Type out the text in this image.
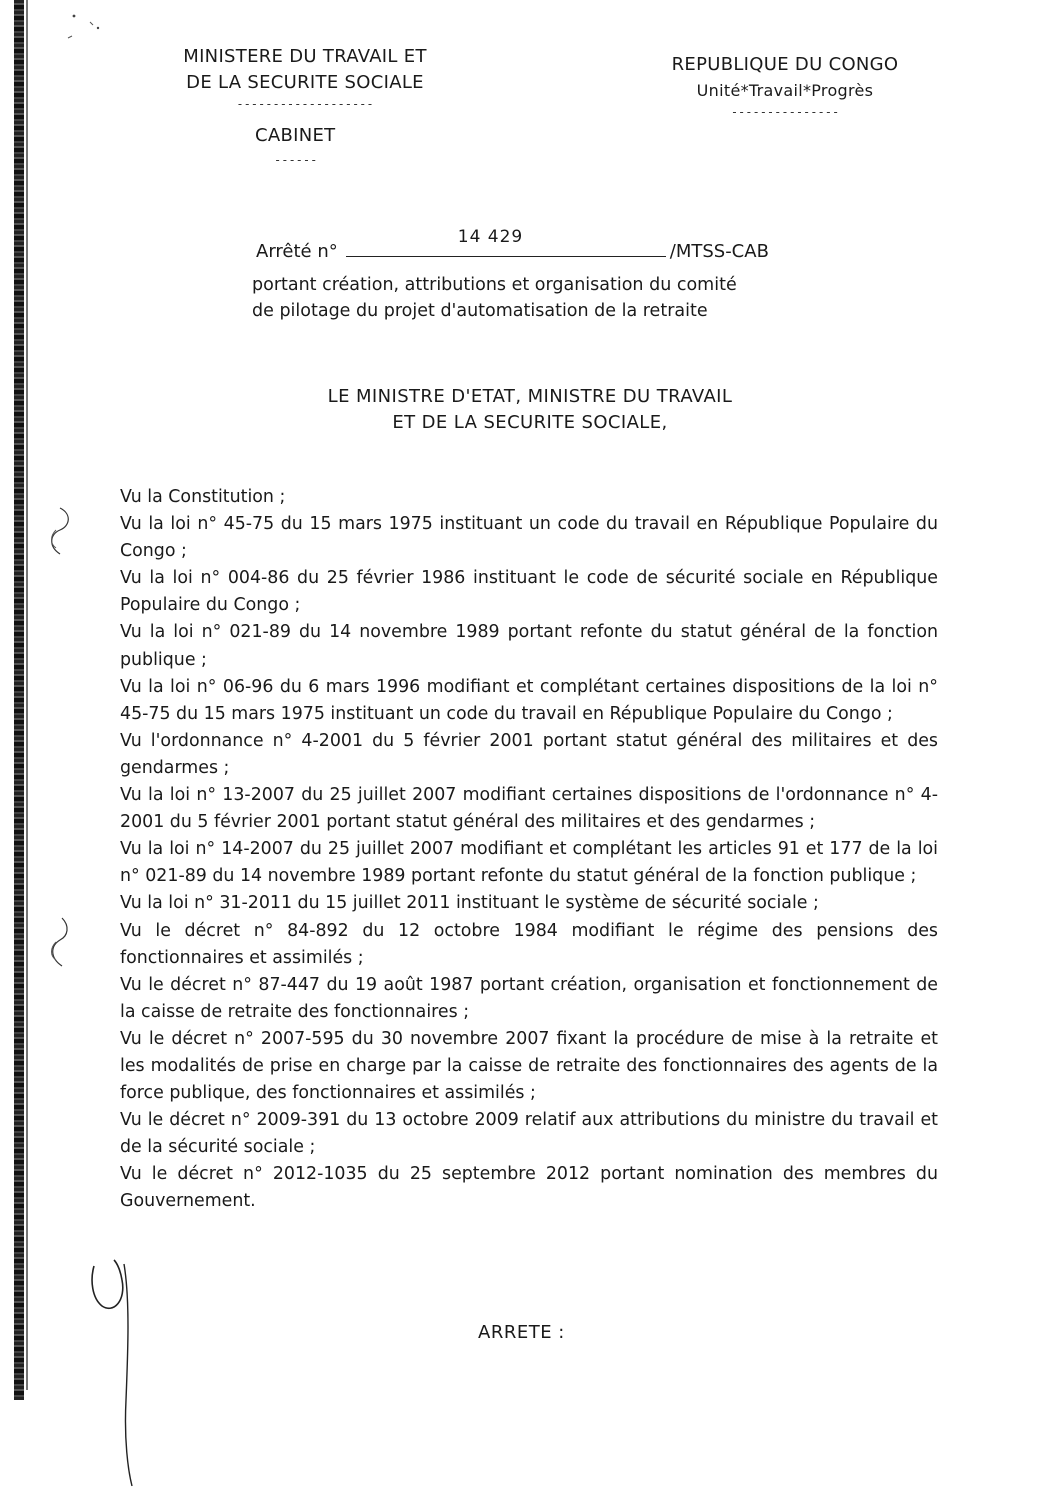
MINISTERE DU TRAVAIL ET
DE LA SECURITE SOCIALE
-------------------
CABINET
------
REPUBLIQUE DU CONGO
Unité*Travail*Progrès
---------------
Arrêté n°
14 429
/MTSS-CAB
portant création, attributions et organisation du comité
de pilotage du projet d'automatisation de la retraite
LE MINISTRE D'ETAT, MINISTRE DU TRAVAIL
ET DE LA SECURITE SOCIALE,

Vu la Constitution ;

Vu la loi n° 45-75 du 15 mars 1975 instituant un code du travail en République Populaire du Congo ;

Vu la loi n° 004-86 du 25 février 1986 instituant le code de sécurité sociale en République Populaire du Congo ;

Vu la loi n° 021-89 du 14 novembre 1989 portant refonte du statut général de la fonction publique ;

Vu la loi n° 06-96 du 6 mars 1996 modifiant et complétant certaines dispositions de la loi n° 45-75 du 15 mars 1975 instituant un code du travail en République Populaire du Congo ;

Vu l'ordonnance n° 4-2001 du 5 février 2001 portant statut général des militaires et des gendarmes ;

Vu la loi n° 13-2007 du 25 juillet 2007 modifiant certaines dispositions de l'ordonnance n° 4-2001 du 5 février 2001 portant statut général des militaires et des gendarmes ;

Vu la loi n° 14-2007 du 25 juillet 2007 modifiant et complétant les articles 91 et 177 de la loi n° 021-89 du 14 novembre 1989 portant refonte du statut général de la fonction publique ;

Vu la loi n° 31-2011 du 15 juillet 2011 instituant le système de sécurité sociale ;

Vu le décret n° 84-892 du 12 octobre 1984 modifiant le régime des pensions des fonctionnaires et assimilés ;

Vu le décret n° 87-447 du 19 août 1987 portant création, organisation et fonctionnement de la caisse de retraite des fonctionnaires ;

Vu le décret n° 2007-595 du 30 novembre 2007 fixant la procédure de mise à la retraite et les modalités de prise en charge par la caisse de retraite des fonctionnaires des agents de la force publique, des fonctionnaires et assimilés ;

Vu le décret n° 2009-391 du 13 octobre 2009 relatif aux attributions du ministre du travail et de la sécurité sociale ;

Vu le décret n° 2012-1035 du 25 septembre 2012 portant nomination des membres du Gouvernement.

ARRETE :
